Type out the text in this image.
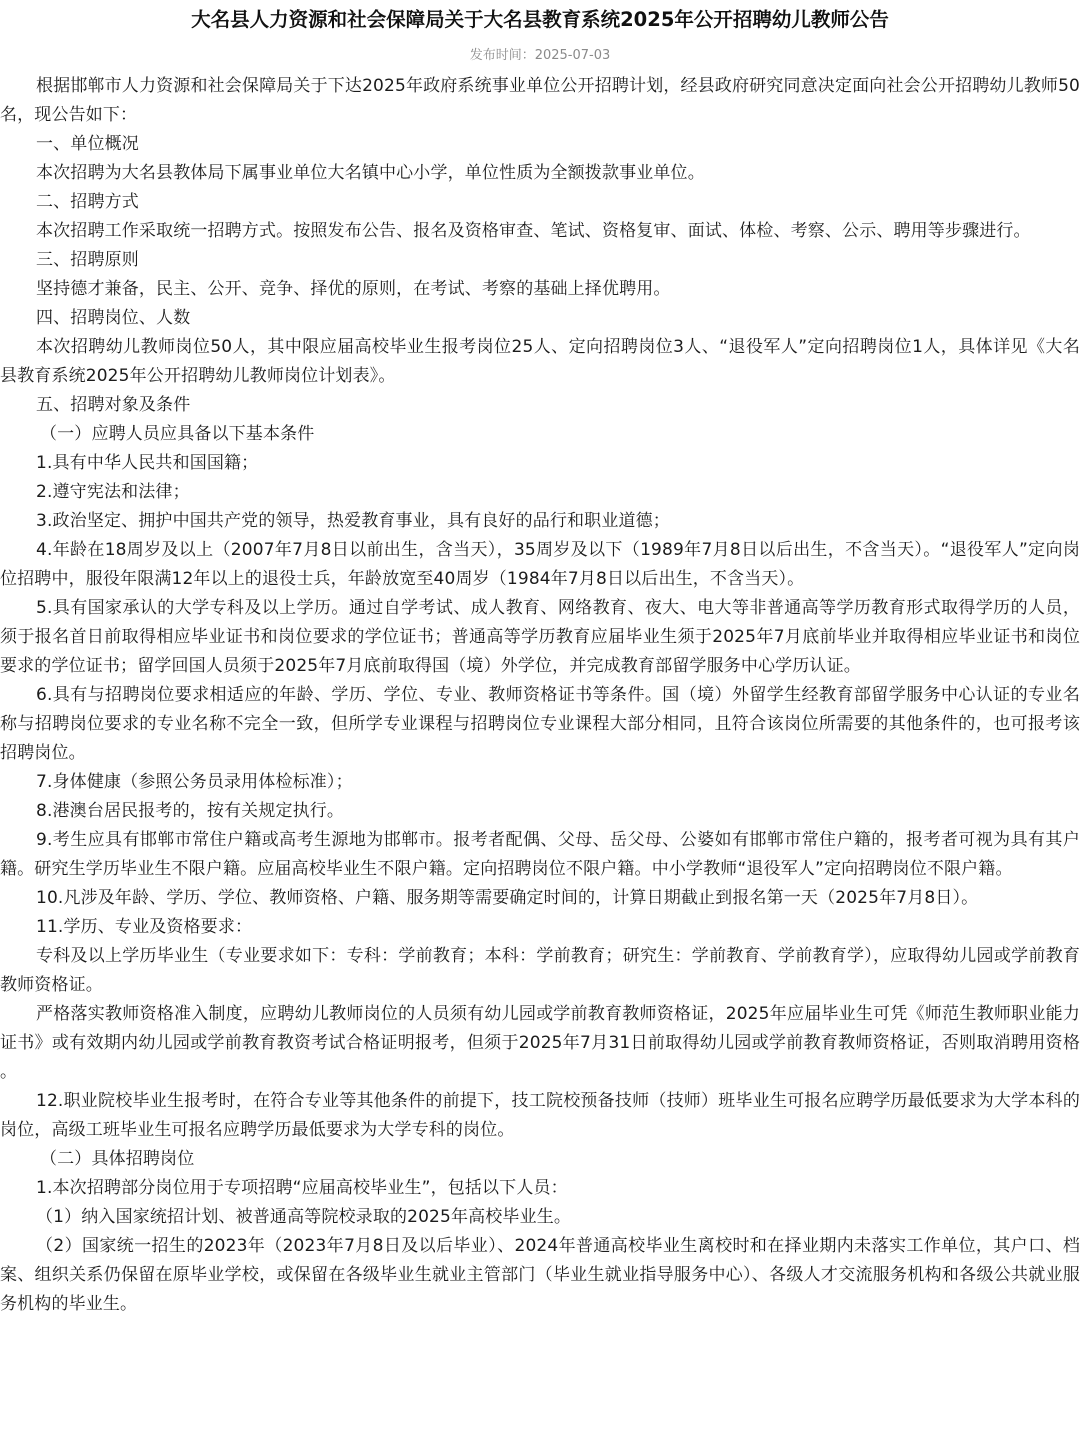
大名县人力资源和社会保障局关于大名县教育系统2025年公开招聘幼儿教师公告
发布时间：2025-07-03

根据邯郸市人力资源和社会保障局关于下达2025年政府系统事业单位公开招聘计划，经县政府研究同意决定面向社会公开招聘幼儿教师50名，现公告如下：

一、单位概况

本次招聘为大名县教体局下属事业单位大名镇中心小学，单位性质为全额拨款事业单位。

二、招聘方式

本次招聘工作采取统一招聘方式。按照发布公告、报名及资格审查、笔试、资格复审、面试、体检、考察、公示、聘用等步骤进行。

三、招聘原则

坚持德才兼备，民主、公开、竞争、择优的原则，在考试、考察的基础上择优聘用。

四、招聘岗位、人数

本次招聘幼儿教师岗位50人，其中限应届高校毕业生报考岗位25人、定向招聘岗位3人、“退役军人”定向招聘岗位1人，具体详见《大名县教育系统2025年公开招聘幼儿教师岗位计划表》。

五、招聘对象及条件

（一）应聘人员应具备以下基本条件

1.具有中华人民共和国国籍；

2.遵守宪法和法律；

3.政治坚定、拥护中国共产党的领导，热爱教育事业，具有良好的品行和职业道德；

4.年龄在18周岁及以上（2007年7月8日以前出生，含当天），35周岁及以下（1989年7月8日以后出生，不含当天）。“退役军人”定向岗位招聘中，服役年限满12年以上的退役士兵，年龄放宽至40周岁（1984年7月8日以后出生，不含当天）。

5.具有国家承认的大学专科及以上学历。通过自学考试、成人教育、网络教育、夜大、电大等非普通高等学历教育形式取得学历的人员，须于报名首日前取得相应毕业证书和岗位要求的学位证书；普通高等学历教育应届毕业生须于2025年7月底前毕业并取得相应毕业证书和岗位要求的学位证书；留学回国人员须于2025年7月底前取得国（境）外学位，并完成教育部留学服务中心学历认证。

6.具有与招聘岗位要求相适应的年龄、学历、学位、专业、教师资格证书等条件。国（境）外留学生经教育部留学服务中心认证的专业名称与招聘岗位要求的专业名称不完全一致，但所学专业课程与招聘岗位专业课程大部分相同，且符合该岗位所需要的其他条件的，也可报考该招聘岗位。

7.身体健康（参照公务员录用体检标准）；

8.港澳台居民报考的，按有关规定执行。

9.考生应具有邯郸市常住户籍或高考生源地为邯郸市。报考者配偶、父母、岳父母、公婆如有邯郸市常住户籍的，报考者可视为具有其户籍。研究生学历毕业生不限户籍。应届高校毕业生不限户籍。定向招聘岗位不限户籍。中小学教师“退役军人”定向招聘岗位不限户籍。

10.凡涉及年龄、学历、学位、教师资格、户籍、服务期等需要确定时间的，计算日期截止到报名第一天（2025年7月8日）。

11.学历、专业及资格要求：

专科及以上学历毕业生（专业要求如下：专科：学前教育；本科：学前教育；研究生：学前教育、学前教育学），应取得幼儿园或学前教育教师资格证。

严格落实教师资格准入制度，应聘幼儿教师岗位的人员须有幼儿园或学前教育教师资格证，2025年应届毕业生可凭《师范生教师职业能力证书》或有效期内幼儿园或学前教育教资考试合格证明报考，但须于2025年7月31日前取得幼儿园或学前教育教师资格证，否则取消聘用资格。

12.职业院校毕业生报考时，在符合专业等其他条件的前提下，技工院校预备技师（技师）班毕业生可报名应聘学历最低要求为大学本科的岗位，高级工班毕业生可报名应聘学历最低要求为大学专科的岗位。

（二）具体招聘岗位

1.本次招聘部分岗位用于专项招聘“应届高校毕业生”，包括以下人员：

（1）纳入国家统招计划、被普通高等院校录取的2025年高校毕业生。

（2）国家统一招生的2023年（2023年7月8日及以后毕业）、2024年普通高校毕业生离校时和在择业期内未落实工作单位，其户口、档案、组织关系仍保留在原毕业学校，或保留在各级毕业生就业主管部门（毕业生就业指导服务中心）、各级人才交流服务机构和各级公共就业服务机构的毕业生。
